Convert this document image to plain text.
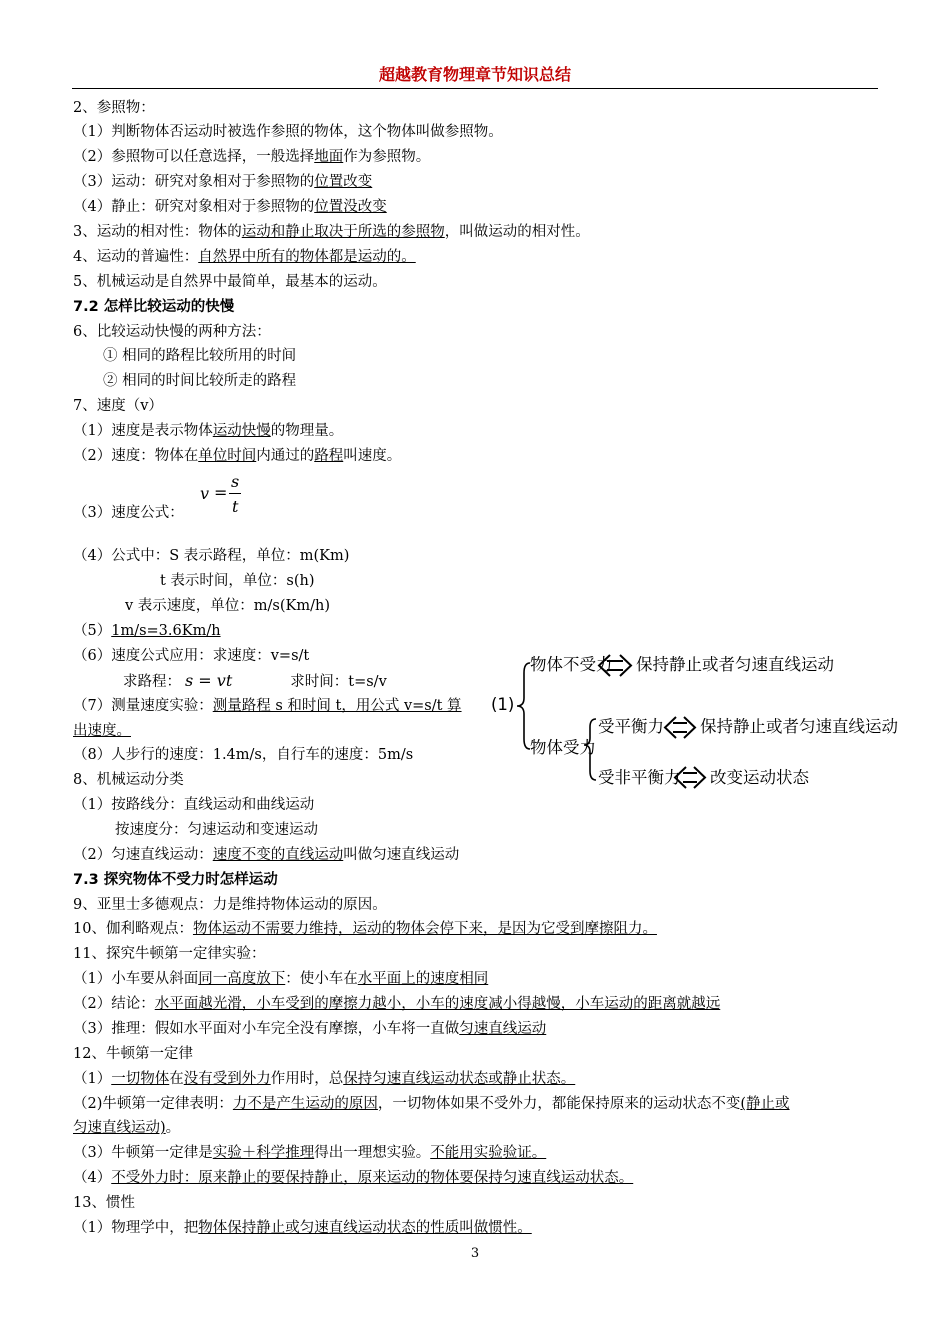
超越教育物理章节知识总结
2、参照物：
（1）判断物体否运动时被选作参照的物体，这个物体叫做参照物。
（2）参照物可以任意选择，一般选择地面作为参照物。
（3）运动：研究对象相对于参照物的位置改变
（4）静止：研究对象相对于参照物的位置没改变
3、运动的相对性：物体的运动和静止取决于所选的参照物，叫做运动的相对性。
4、运动的普遍性：自然界中所有的物体都是运动的。
5、机械运动是自然界中最简单，最基本的运动。
7.2 怎样比较运动的快慢
6、比较运动快慢的两种方法：
① 相同的路程比较所用的时间
② 相同的时间比较所走的路程
7、速度（v）
（1）速度是表示物体运动快慢的物理量。
（2）速度：物体在单位时间内通过的路程叫速度。
（3）速度公式：
v =
s
t
（4）公式中：S 表示路程，单位：m(Km)
t 表示时间，单位：s(h)
v 表示速度，单位：m/s(Km/h)
（5）1m/s=3.6Km/h
（6）速度公式应用：求速度：v=s/t
求路程： s = vt	求时间：t=s/v
（7）测量速度实验：测量路程 s 和时间 t，用公式 v=s/t 算
出速度。
（8）人步行的速度：1.4m/s，自行车的速度：5m/s
8、机械运动分类
（1）按路线分：直线运动和曲线运动
按速度分：匀速运动和变速运动
（2）匀速直线运动：速度不变的直线运动叫做匀速直线运动
7.3 探究物体不受力时怎样运动
9、亚里士多德观点：力是维持物体运动的原因。
10、伽利略观点：物体运动不需要力维持，运动的物体会停下来，是因为它受到摩擦阻力。
11、探究牛顿第一定律实验：
（1）小车要从斜面同一高度放下：使小车在水平面上的速度相同
（2）结论：水平面越光滑，小车受到的摩擦力越小，小车的速度减小得越慢，小车运动的距离就越远
（3）推理：假如水平面对小车完全没有摩擦，小车将一直做匀速直线运动
12、牛顿第一定律
（1）一切物体在没有受到外力作用时，总保持匀速直线运动状态或静止状态。
（2)牛顿第一定律表明：力不是产生运动的原因，一切物体如果不受外力，都能保持原来的运动状态不变(静止或
匀速直线运动)。
（3）牛顿第一定律是实验＋科学推理得出一理想实验。不能用实验验证。
（4）不受外力时：原来静止的要保持静止，原来运动的物体要保持匀速直线运动状态。
13、惯性
（1）物理学中，把物体保持静止或匀速直线运动状态的性质叫做惯性。
(1)
物体不受力 保持静止或者匀速直线运动
物体受力
受平衡力 保持静止或者匀速直线运动
受非平衡力 改变运动状态
3
